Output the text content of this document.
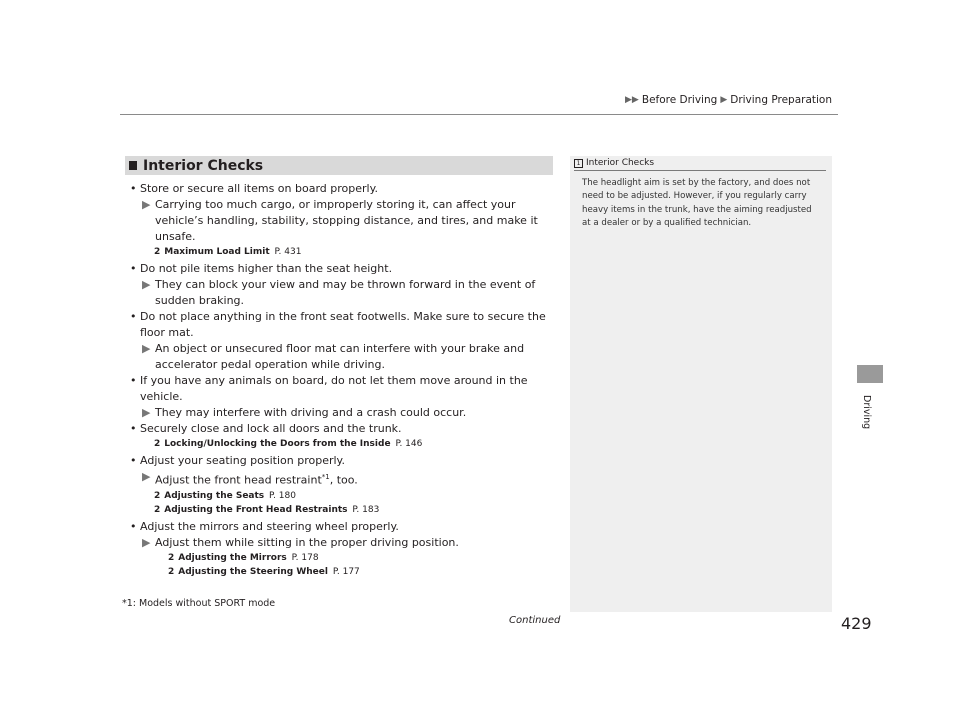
▶▶ Before Driving ▶ Driving Preparation
Driving
Interior Checks	1 Interior Checks
The headlight aim is set by the factory, and does not need to be adjusted. However, if you regularly carry heavy items in the trunk, have the aiming readjusted at a dealer or by a qualified technician.

• Store or secure all items on board properly.

▶ Carrying too much cargo, or improperly storing it, can affect your vehicle’s handling, stability, stopping distance, and tires, and make it unsafe.

2 Maximum Load Limit P. 431

• Do not pile items higher than the seat height.

▶ They can block your view and may be thrown forward in the event of sudden braking.

• Do not place anything in the front seat footwells. Make sure to secure the floor mat.

▶ An object or unsecured floor mat can interfere with your brake and accelerator pedal operation while driving.

• If you have any animals on board, do not let them move around in the vehicle.

▶ They may interfere with driving and a crash could occur.

• Securely close and lock all doors and the trunk.

2 Locking/Unlocking the Doors from the Inside P. 146

• Adjust your seating position properly.

▶ Adjust the front head restraint$^{*1}$, too.

2 Adjusting the Seats P. 180

2 Adjusting the Front Head Restraints P. 183

• Adjust the mirrors and steering wheel properly.

▶ Adjust them while sitting in the proper driving position.

2 Adjusting the Mirrors P. 178

2 Adjusting the Steering Wheel P. 177

*1: Models without SPORT mode
Continued	429
